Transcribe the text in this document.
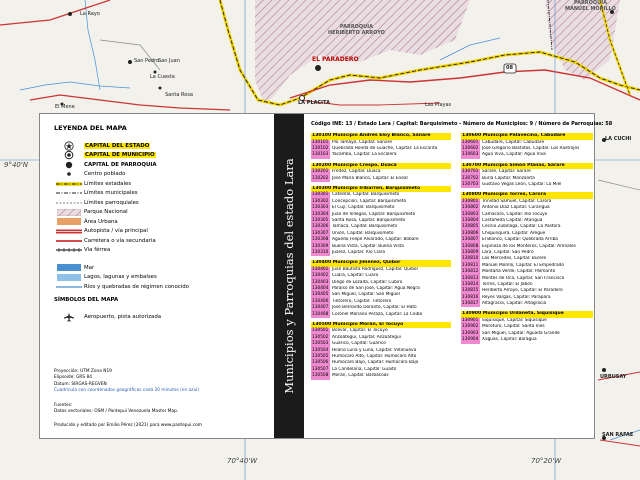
La Rayo
San Pedro
San Juan
La Cuesta
Santa Rosa
El Mene
EL PARADERO
LA PLACITA	Las Playas
PARROQUIA
HERIBERTO ARROYO
PARROQUIA
MANUEL MORILLO
LA CUCHI
URBUSAY
SAN RAFAE
08
9°40'N
70°40'W	70°20'W
LEYENDA DEL MAPA
CAPITAL DEL ESTADO
CAPITAL DE MUNICIPIO
CAPITAL DE PARROQUIA
Centro poblado
Límites estadales
Límites municipales
Límites parroquiales
Parque Nacional
Área Urbana
Autopista / vía principal
Carretera o vía secundaria
Vía férrea
Mar
Lagos, lagunas y embalses
Ríos y quebradas de régimen conocido
SÍMBOLOS DEL MAPA
Aeropuerto, pista autorizada
Proyección: UTM Zona N19
Elipsoide: GRS 84
Datum: SIRGAS-REGVEN
Cuadrícula con coordenadas geográficas cada 20 minutos (en azul)
Fuentes:
Datos vectoriales: OSM / Pantepui Venezuela Master Map.
Producido y editado por Emilio Pérez (2021) para www.pantepui.com
Municipios y Parroquias del estado Lara
Código INE: 13 / Estado Lara / Capital: Barquisimeto - Número de Municipios: 9 / Número de Parroquias: 58
130100 Municipio Andrés Eloy Blanco, Sanare
130101 Pío Tamayo, Capital: Sanare
130102 Quebrada Honda de Guache, Capital: La Escarita
130103 Yacambú, Capital: La Escalera
130200 Municipio Crespo, Duaca
130201 Freitez, Capital: Duaca
130202 José María Blanco, Capital: El Eneal
130300 Municipio Iribarren, Barquisimeto
130301 Catedral, Capital: Barquisimeto
130302 Concepción, Capital: Barquisimeto
130303 El Cují, Capital: Barquisimeto
130304 Juan de Villegas, Capital: Barquisimeto
130305 Santa Rosa, Capital: Barquisimeto
130306 Tamaca, Capital: Barquisimeto
130307 Unión, Capital: Barquisimeto
130308 Aguedo Felipe Alvarado, Capital: Bobare
130309 Buena Vista, Capital: Buena Vista
130310 Juárez, Capital: Río Claro
130400 Municipio Jiménez, Quíbor
130401 Juan Bautista Rodríguez, Capital: Quíbor
130402 Cuara, Capital: Cuara
130403 Diego de Lozada, Capital: Cubiro
130404 Paraíso de San José, Capital: Agua Negra
130405 San Miguel, Capital: San Miguel
130406 Tintorero, Capital: Tintorero
130407 José Bernardo Dorante, Capital: El Hato
130408 Coronel Mariano Peraza, Capital: La Ceiba
130500 Municipio Morán, El Tocuyo
130501 Bolívar, Capital: El Tocuyo
130502 Anzoátegui, Capital: Anzoátegui
130503 Guárico, Capital: Guárico
130504 Hilario Luna y Luna, Capital: Villanueva
130505 Humocaro Alto, Capital: Humocaro Alto
130506 Humocaro Bajo, Capital: Humocaro Bajo
130507 La Candelaria, Capital: Guaitó
130508 Morán, Capital: Barbacoas
130600 Municipio Palavecino, Cabudare
130601 Cabudare, Capital: Cabudare
130602 José Gregorio Bastidas, Capital: Los Rastrojos
130603 Agua Viva, Capital: Agua Viva
130700 Municipio Simón Planas, Sarare
130701 Sarare, Capital: Sarare
130702 Buría Capital: Manzanita
130703 Gustavo Vegas León, Capital: La Miel
130800 Municipio Torres, Carora
130801 Trinidad Samuel, Capital: Carora
130802 Antonio Díaz Capital: Curarigua
130803 Camacaro, Capital: Río Tocuyo
130804 Castañeda Capital: Atarigua
130805 Cecilio Zubillaga, Capital: La Pastora
130806 Chiquinquirá, Capital: Arégue
130807 El Blanco, Capital: Quebrada Arriba
130808 Espinoza de los Monteros, Capital: Arenales
130809 Lara, Capital: San Pedro
130810 Las Mercedes, Capital: Burere
130811 Manuel Morillo, Capital: El Empedrado
130812 Montaña Verde, Capital: Palmarito
130813 Montes de Oca, Capital: San Francisco
130814 Torres, Capital: El Jabón
130815 Heriberto Arroyo, Capital: El Paradero
130816 Reyes Vargas, Capital: Parapara
130817 Altagracia, Capital: Altagracia
130900 Municipio Urdaneta, Siquisique
130901 Siquisique, Capital: Siquisique
130902 Moroturo, Capital: Santa Inés
130903 San Miguel, Capital: Aguada Grande
130904 Xaguas, Capital: Baragua
